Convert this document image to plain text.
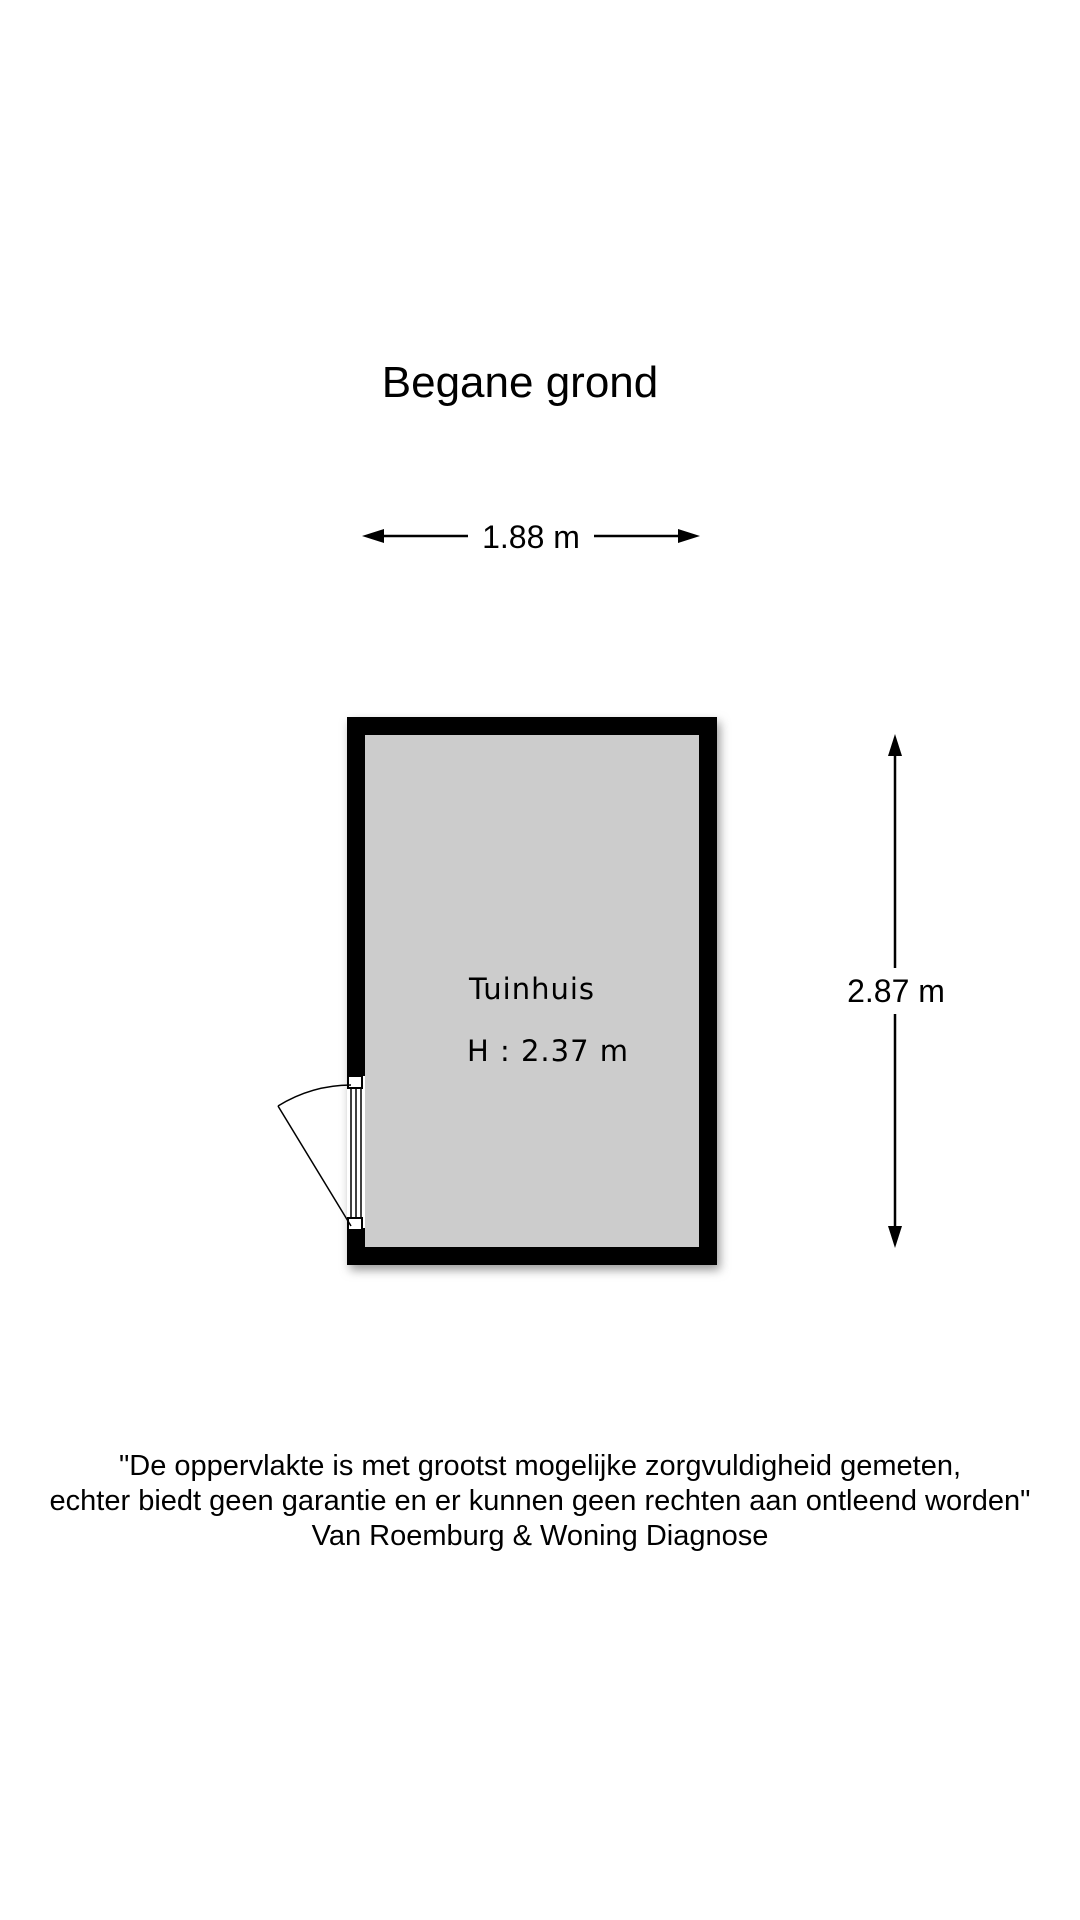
Begane grond
1.88 m
2.87 m
Tuinhuis
H : 2.37 m
"De oppervlakte is met grootst mogelijke zorgvuldigheid gemeten,
echter biedt geen garantie en er kunnen geen rechten aan ontleend worden"
Van Roemburg & Woning Diagnose
